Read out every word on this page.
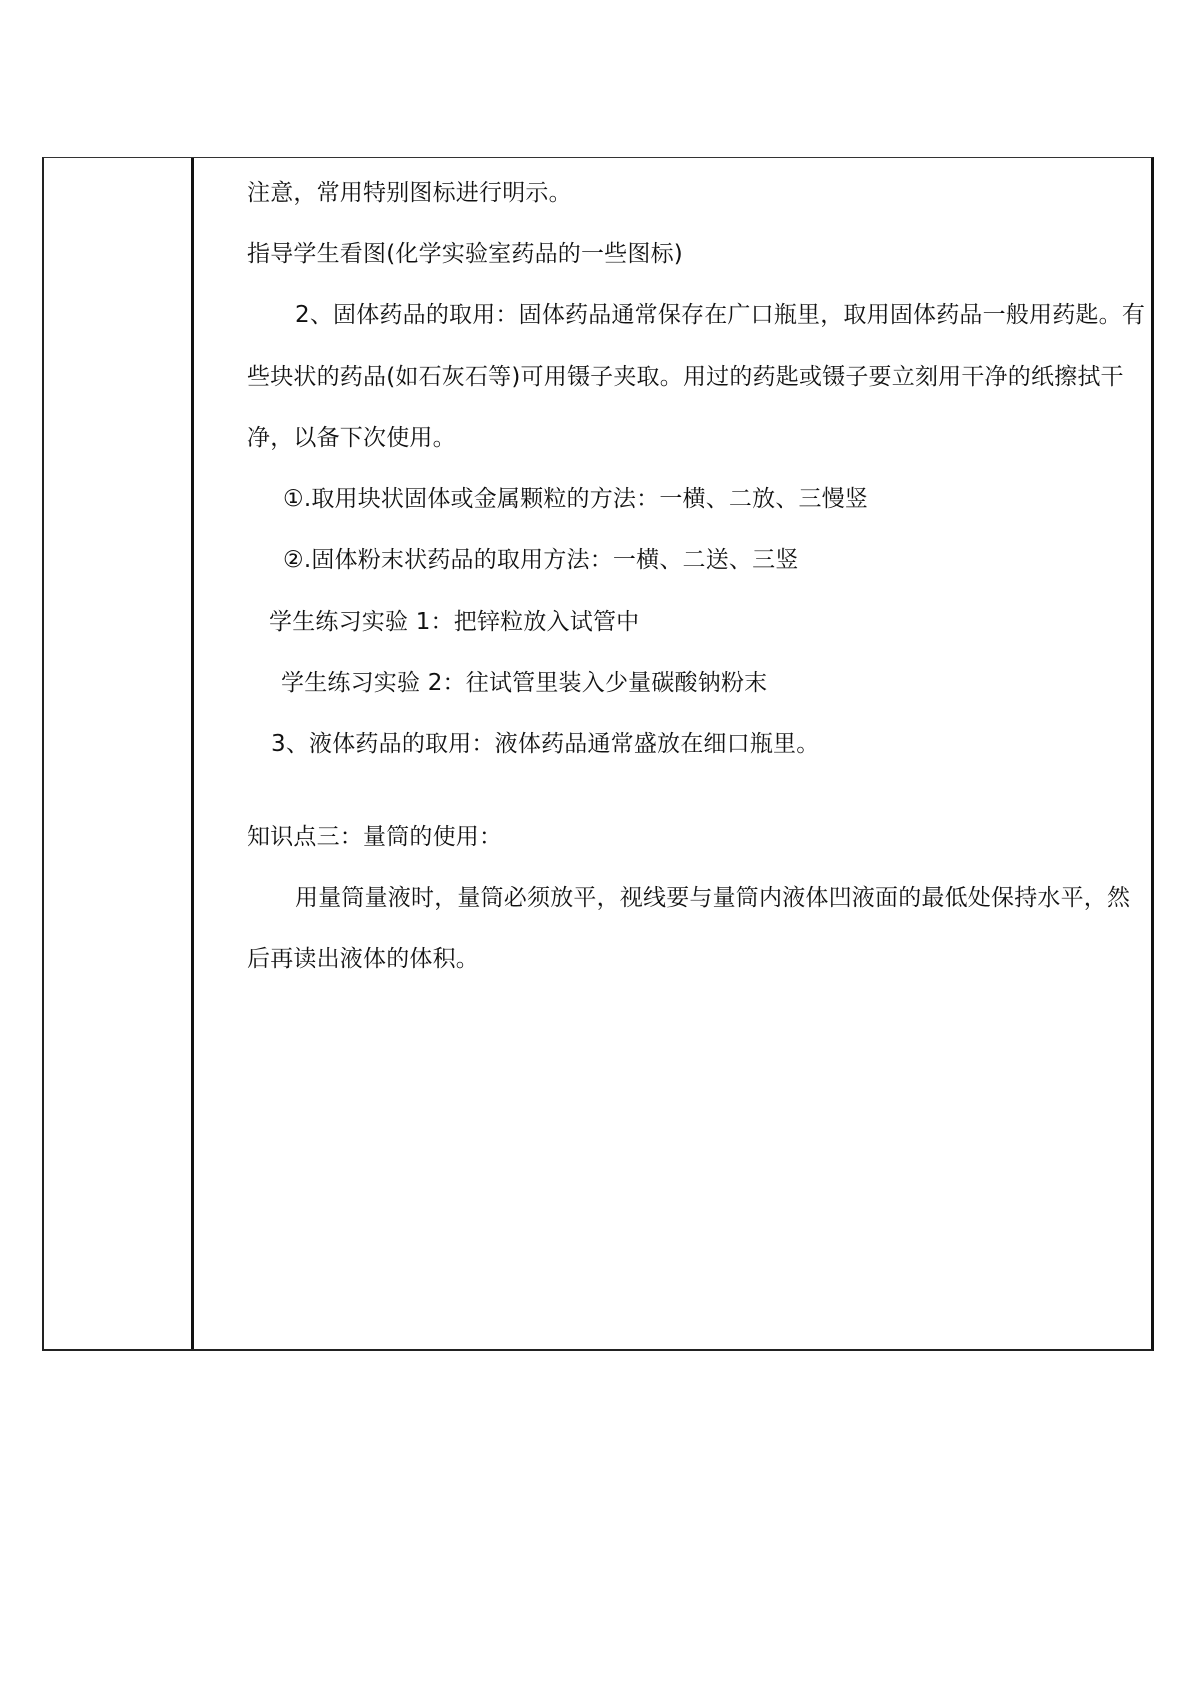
注意，常用特别图标进行明示。
指导学生看图(化学实验室药品的一些图标)
2、固体药品的取用：固体药品通常保存在广口瓶里，取用固体药品一般用药匙。有
些块状的药品(如石灰石等)可用镊子夹取。用过的药匙或镊子要立刻用干净的纸擦拭干
净，以备下次使用。
①.取用块状固体或金属颗粒的方法：一横、二放、三慢竖
②.固体粉末状药品的取用方法：一横、二送、三竖
学生练习实验 1：把锌粒放入试管中
学生练习实验 2：往试管里装入少量碳酸钠粉末
3、液体药品的取用：液体药品通常盛放在细口瓶里。
知识点三：量筒的使用：
用量筒量液时，量筒必须放平，视线要与量筒内液体凹液面的最低处保持水平，然
后再读出液体的体积。
